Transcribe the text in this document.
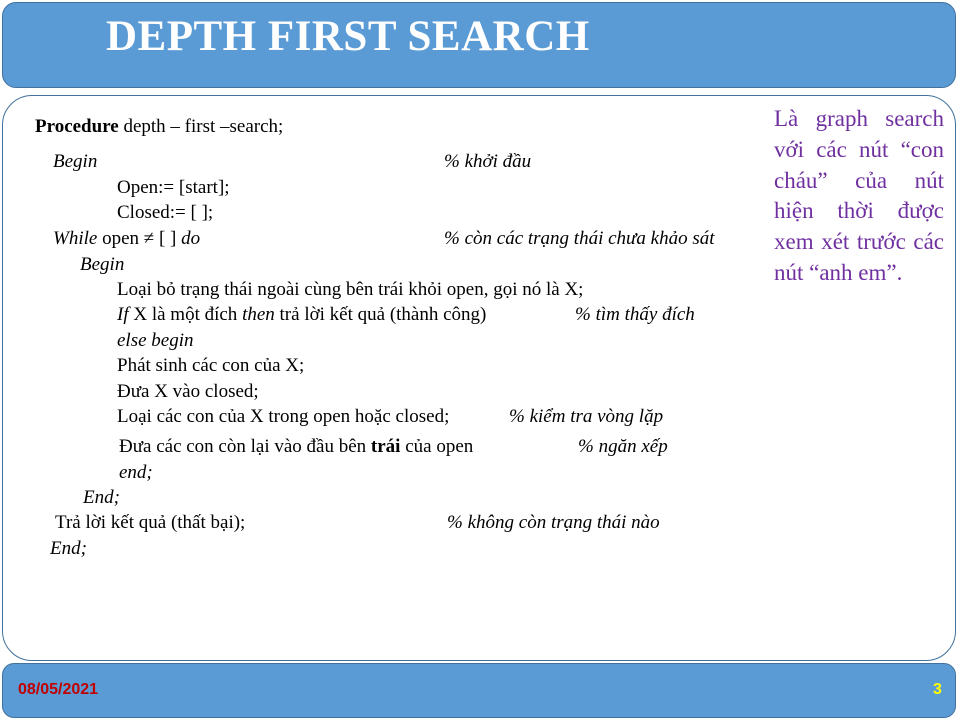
DEPTH FIRST SEARCH
Procedure depth – first –search;
Begin	% khởi đầu
Open:= [start];
Closed:= [ ];
While open ≠ [ ] do	% còn các trạng thái chưa khảo sát
Begin
Loại bỏ trạng thái ngoài cùng bên trái khỏi open, gọi nó là X;
If X là một đích then trả lời kết quả (thành công)	% tìm thấy đích
else begin
Phát sinh các con của X;
Đưa X vào closed;
Loại các con của X trong open hoặc closed;	% kiểm tra vòng lặp
Đưa các con còn lại vào đầu bên trái của open	% ngăn xếp
end;
End;
Trả lời kết quả (thất bại);	% không còn trạng thái nào
End;
Là graph search với các nút “con cháu” của nút hiện thời được xem xét trước các nút “anh em”.
08/05/2021	3
